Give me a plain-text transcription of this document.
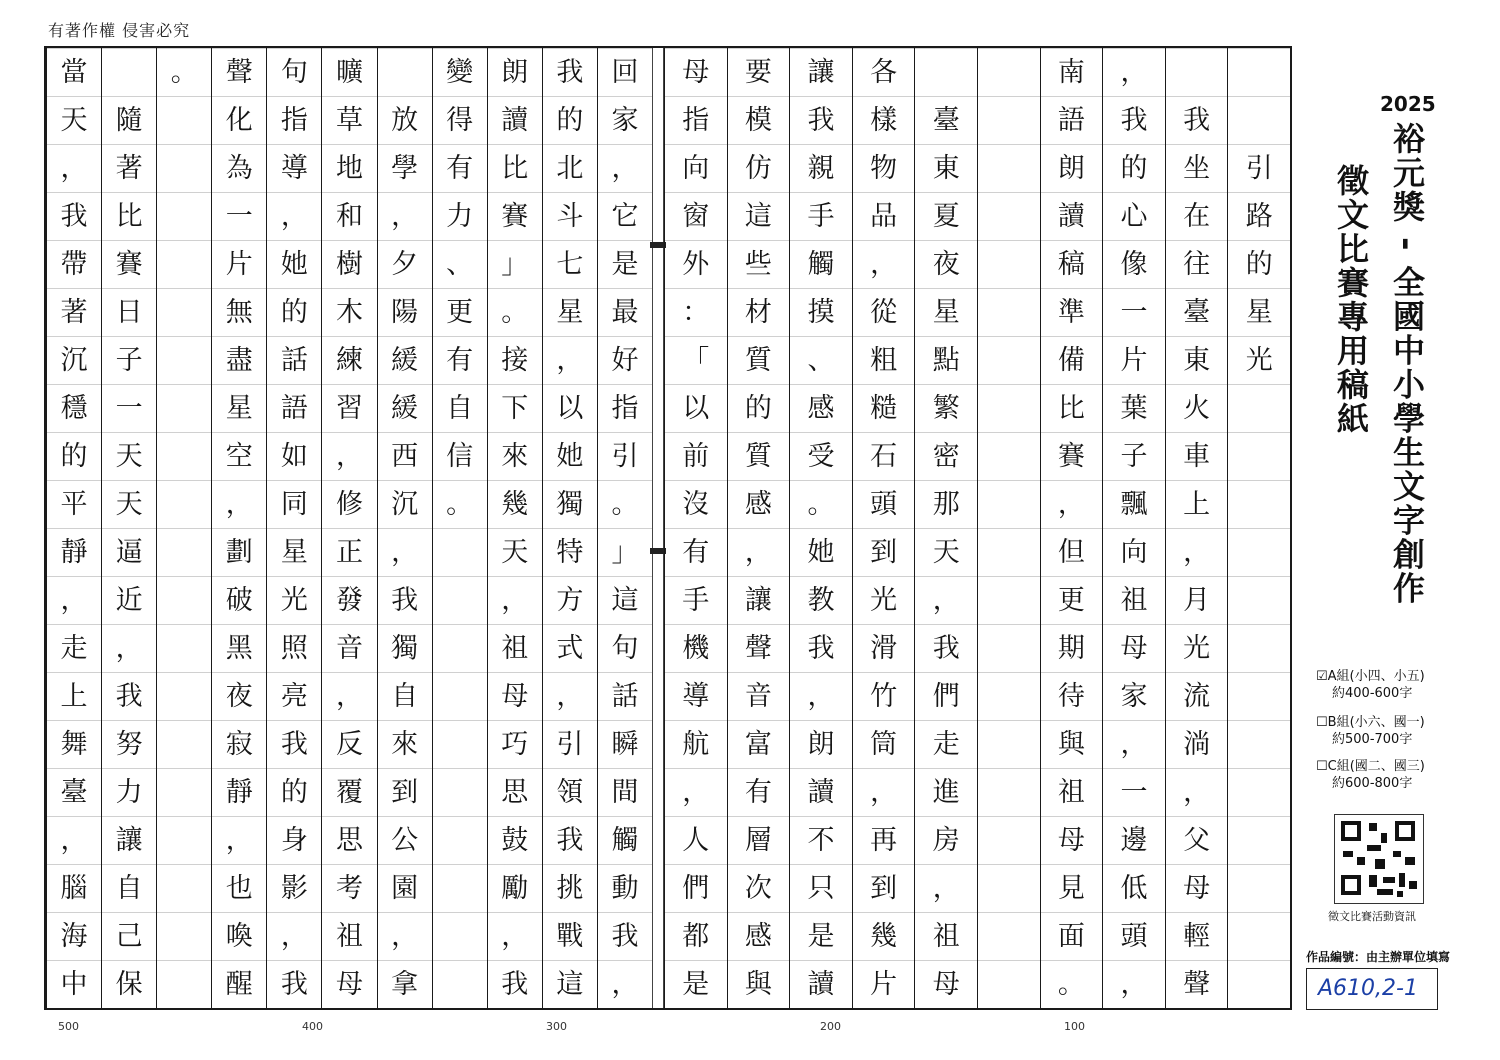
有著作權 侵害必究
引
路
的
星
光
我
坐
在
往
臺
東
火
車
上
，
月
光
流
淌
，
父
母
輕
聲
，
我
的
心
像
一
片
葉
子
飄
向
祖
母
家
，
一
邊
低
頭
，
南
語
朗
讀
稿
準
備
比
賽
，
但
更
期
待
與
祖
母
見
面
。
臺
東
夏
夜
星
點
繁
密
那
天
，
我
們
走
進
房
，
祖
母
各
樣
物
品
，
從
粗
糙
石
頭
到
光
滑
竹
筒
，
再
到
幾
片
讓
我
親
手
觸
摸
、
感
受
。
她
教
我
，
朗
讀
不
只
是
讀
要
模
仿
這
些
材
質
的
質
感
，
讓
聲
音
富
有
層
次
感
與
母
指
向
窗
外
：
「
以
前
沒
有
手
機
導
航
，
人
們
都
是
回
家
，
它
是
最
好
指
引
。
」
這
句
話
瞬
間
觸
動
我
，
我
的
北
斗
七
星
，
以
她
獨
特
方
式
，
引
領
我
挑
戰
這
朗
讀
比
賽
」
。
接
下
來
幾
天
，
祖
母
巧
思
鼓
勵
，
我
變
得
有
力
、
更
有
自
信
。
放
學
，
夕
陽
緩
緩
西
沉
，
我
獨
自
來
到
公
園
，
拿
曠
草
地
和
樹
木
練
習
，
修
正
發
音
，
反
覆
思
考
祖
母
句
指
導
，
她
的
話
語
如
同
星
光
照
亮
我
的
身
影
，
我
聲
化
為
一
片
無
盡
星
空
，
劃
破
黑
夜
寂
靜
，
也
喚
醒
。
隨
著
比
賽
日
子
一
天
天
逼
近
，
我
努
力
讓
自
己
保
當
天
，
我
帶
著
沉
穩
的
平
靜
，
走
上
舞
臺
，
腦
海
中
500	400	300	200	100
2025
裕元獎 - 全國中小學生文字創作
徵文比賽專用稿紙
☑A組(小四、小五)
約400-600字
☐B組(小六、國一)
約500-700字
☐C組(國二、國三)
約600-800字
徵文比賽活動資訊
作品編號：由主辦單位填寫
A610,2-1
